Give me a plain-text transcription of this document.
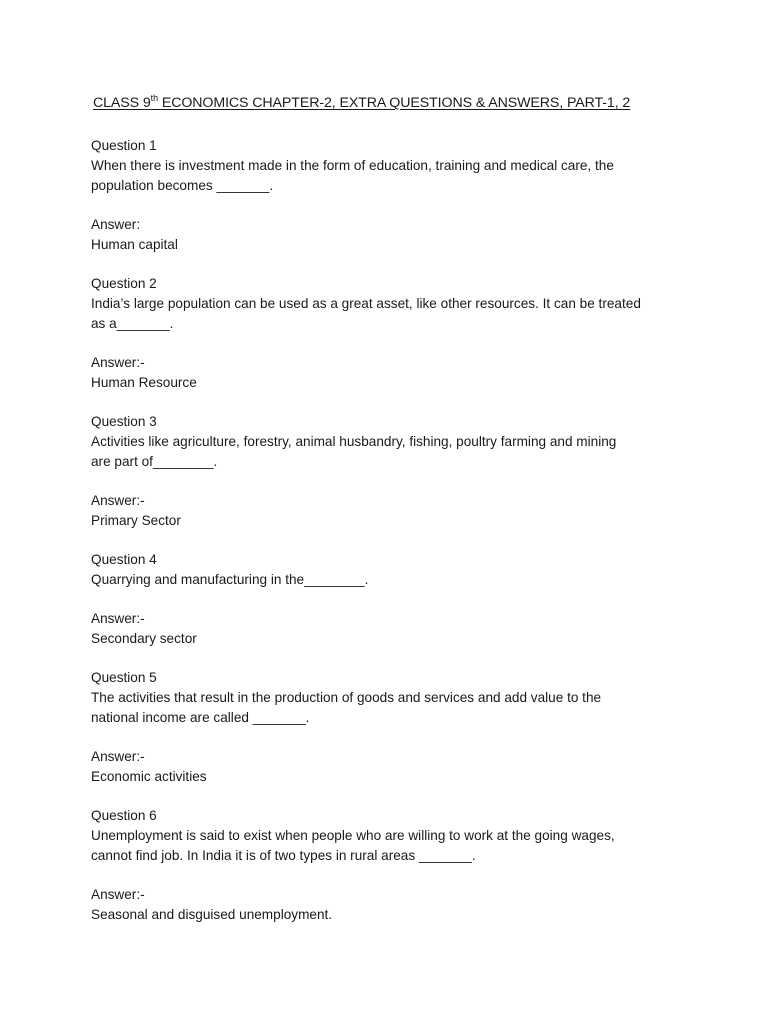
CLASS 9th ECONOMICS CHAPTER-2, EXTRA QUESTIONS & ANSWERS, PART-1, 2
Question 1
When there is investment made in the form of education, training and medical care, the
population becomes _______.
Answer:
Human capital
Question 2
India’s large population can be used as a great asset, like other resources. It can be treated
as a_______.
Answer:-
Human Resource
Question 3
Activities like agriculture, forestry, animal husbandry, fishing, poultry farming and mining
are part of________.
Answer:-
Primary Sector
Question 4
Quarrying and manufacturing in the________.
Answer:-
Secondary sector
Question 5
The activities that result in the production of goods and services and add value to the
national income are called _______.
Answer:-
Economic activities
Question 6
Unemployment is said to exist when people who are willing to work at the going wages,
cannot find job. In India it is of two types in rural areas _______.
Answer:-
Seasonal and disguised unemployment.
